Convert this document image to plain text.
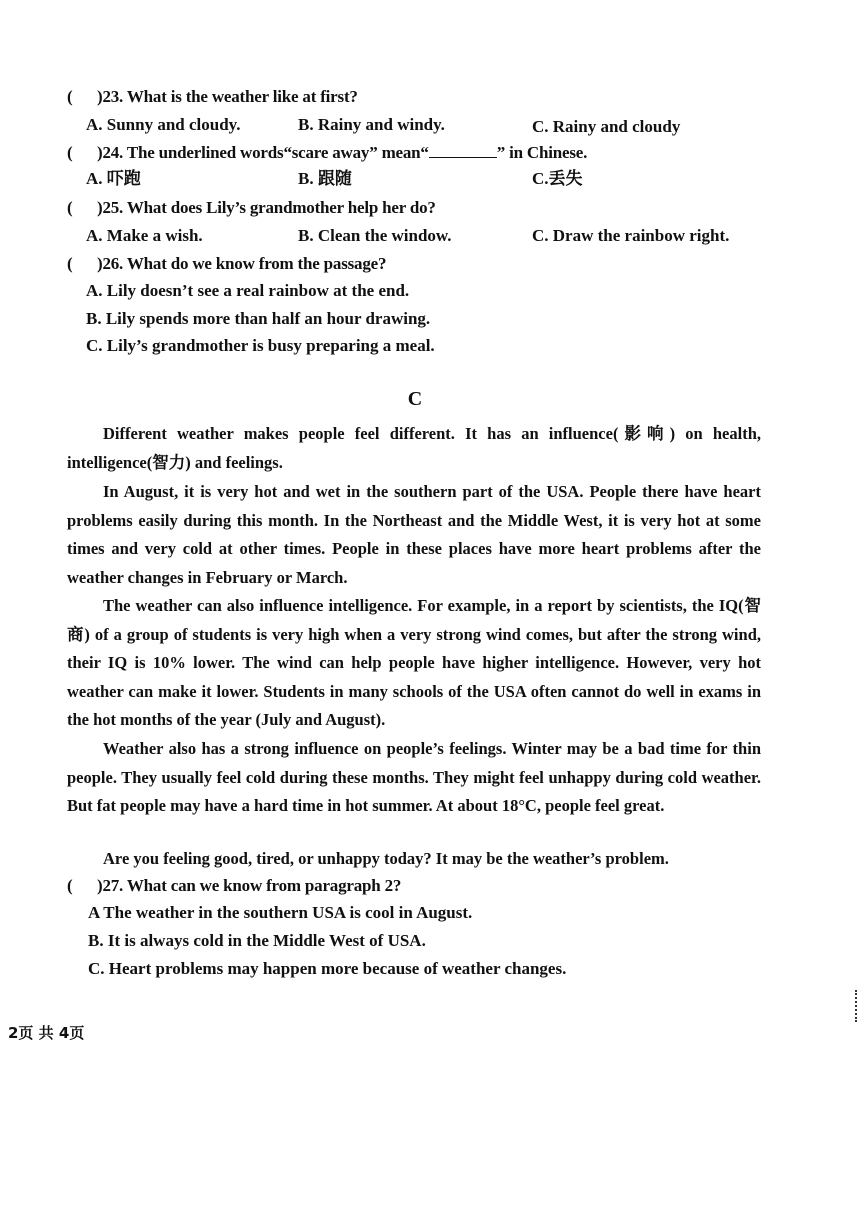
( )23. What is the weather like at first?
A. Sunny and cloudy.	B. Rainy and windy.	C. Rainy and cloudy
( )24. The underlined words“scare away” mean“	” in Chinese.
A. 吓跑	B. 跟随	C.丢失
( )25. What does Lily’s grandmother help her do?
A. Make a wish.	B. Clean the window.	C. Draw the rainbow right.
( )26. What do we know from the passage?
A. Lily doesn’t see a real rainbow at the end.
B. Lily spends more than half an hour drawing.
C. Lily’s grandmother is busy preparing a meal.
C
Different weather makes people feel different. It has an influence(影响) on health, intelligence(智力) and feelings.
In August, it is very hot and wet in the southern part of the USA. People there have heart problems easily during this month. In the Northeast and the Middle West, it is very hot at some times and very cold at other times. People in these places have more heart problems after the weather changes in February or March.
The weather can also influence intelligence. For example, in a report by scientists, the IQ(智商) of a group of students is very high when a very strong wind comes, but after the strong wind, their IQ is 10% lower. The wind can help people have higher intelligence. However, very hot weather can make it lower. Students in many schools of the USA often cannot do well in exams in the hot months of the year (July and August).
Weather also has a strong influence on people’s feelings. Winter may be a bad time for thin people. They usually feel cold during these months. They might feel unhappy during cold weather. But fat people may have a hard time in hot summer. At about 18°C, people feel great.
Are you feeling good, tired, or unhappy today? It may be the weather’s problem.
( )27. What can we know from paragraph 2?
A The weather in the southern USA is cool in August.
B. It is always cold in the Middle West of USA.
C. Heart problems may happen more because of weather changes.
2页 共 4页
